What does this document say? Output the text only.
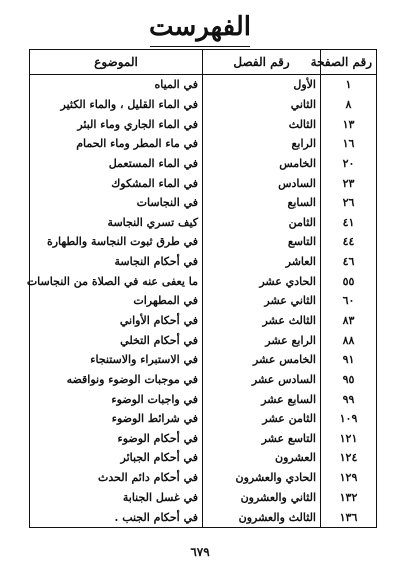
الفهرست
رقم الصفحة	رقم الفصل	الموضوع
١	الأول	في المياه
٨	الثاني	في الماء القليل ، والماء الكثير
١٣	الثالث	في الماء الجاري وماء البئر
١٦	الرابع	في ماء المطر وماء الحمام
٢٠	الخامس	في الماء المستعمل
٢٣	السادس	في الماء المشكوك
٢٦	السابع	في النجاسات
٤١	الثامن	كيف تسري النجاسة
٤٤	التاسع	في طرق ثبوت النجاسة والطهارة
٤٦	العاشر	في أحكام النجاسة
٥٥	الحادي عشر	ما يعفى عنه في الصلاة من النجاسات
٦٠	الثاني عشر	في المطهرات
٨٣	الثالث عشر	في أحكام الأواني
٨٨	الرابع عشر	في أحكام التخلي
٩١	الخامس عشر	في الاستبراء والاستنجاء
٩٥	السادس عشر	في موجبات الوضوء ونواقضه
٩٩	السابع عشر	في واجبات الوضوء
١٠٩	الثامن عشر	في شرائط الوضوء
١٢١	التاسع عشر	في أحكام الوضوء
١٢٤	العشرون	في أحكام الجبائر
١٢٩	الحادي والعشرون	في أحكام دائم الحدث
١٣٢	الثاني والعشرون	في غسل الجنابة
١٣٦	الثالث والعشرون	في أحكام الجنب .
٦٧٩
